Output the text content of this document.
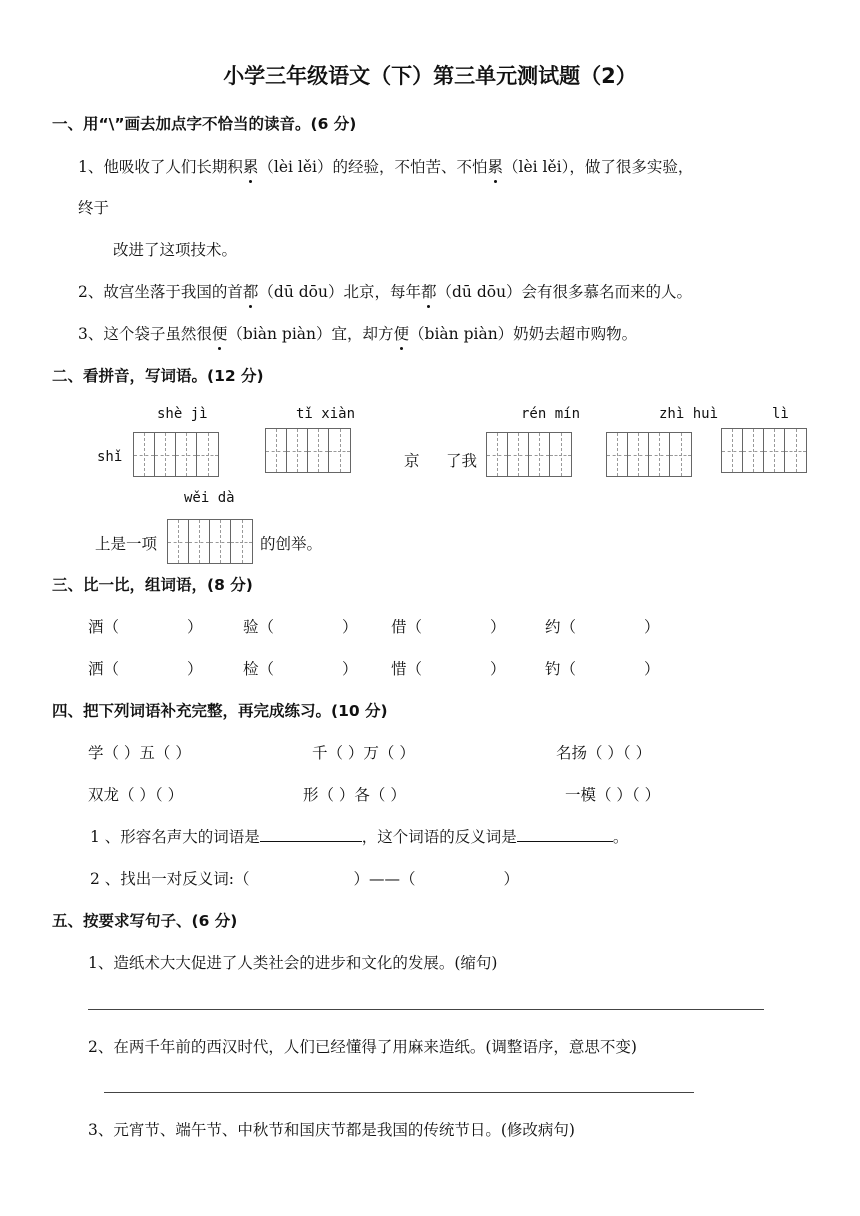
小学三年级语文（下）第三单元测试题（2）
一、用“\”画去加点字不恰当的读音。(6 分)
1、他吸收了人们长期积累（lèi lěi）的经验，不怕苦、不怕累（lèi lěi），做了很多实验，
终于
改进了这项技术。
2、故宫坐落于我国的首都（dū dōu）北京，每年都（dū dōu）会有很多慕名而来的人。
3、这个袋子虽然很便（biàn piàn）宜，却方便（biàn piàn）奶奶去超市购物。
二、看拼音，写词语。(12 分)
shè jì	tǐ xiàn	rén mín	zhì huì	lì
shǐ	京 了我
wěi dà
上是一项	的创举。
三、比一比，组词语，(8 分)
酒（	）	验（	） 借（	）	约（	）
洒（	）	检（	） 惜（	）	钓（	）
四、把下列词语补充完整，再完成练习。(10 分)
学（ ）五（ ）	千（ ）万（ ）	名扬（ ）（ ）
双龙（ ）（ ）	形（ ）各（ ）	一模（ ）（ ）
1 、形容名声大的词语是	，这个词语的反义词是	。
2 、找出一对反义词:（	）——（	）
五、按要求写句子、(6 分)
1、造纸术大大促进了人类社会的进步和文化的发展。(缩句)
2、在两千年前的西汉时代，人们已经懂得了用麻来造纸。(调整语序，意思不变)
3、元宵节、端午节、中秋节和国庆节都是我国的传统节日。(修改病句)
